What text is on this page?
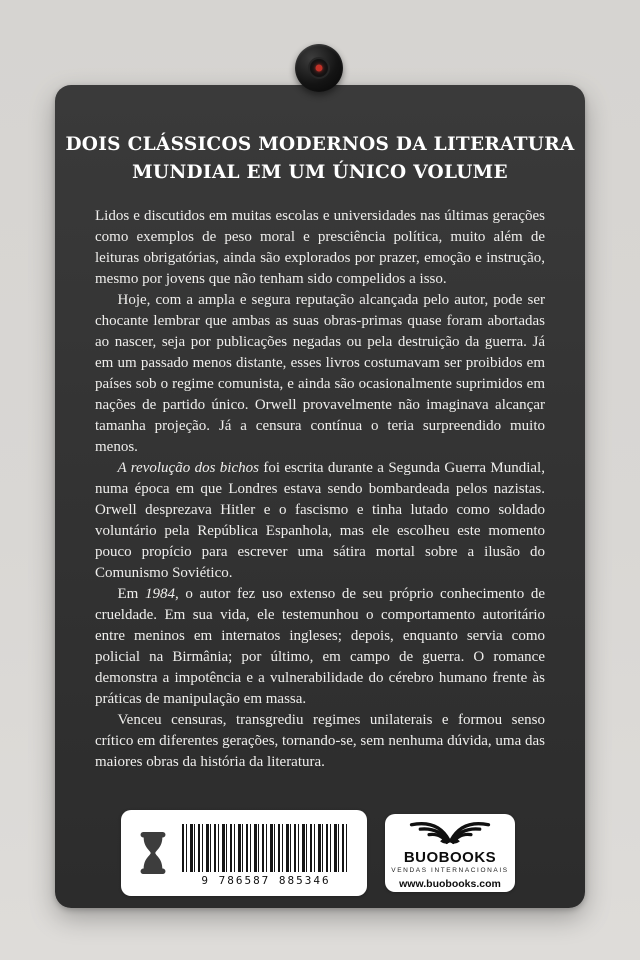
DOIS CLÁSSICOS MODERNOS DA LITERATURA
MUNDIAL EM UM ÚNICO VOLUME

Lidos e discutidos em muitas escolas e universidades nas últimas gerações como exemplos de peso moral e presciência política, muito além de leituras obrigatórias, ainda são explorados por prazer, emoção e instrução, mesmo por jovens que não tenham sido compelidos a isso.

Hoje, com a ampla e segura reputação alcançada pelo autor, pode ser chocante lembrar que ambas as suas obras-primas quase foram abortadas ao nascer, seja por publicações negadas ou pela destruição da guerra. Já em um passado menos distante, esses livros costumavam ser proibidos em países sob o regime comunista, e ainda são ocasionalmente suprimidos em nações de partido único. Orwell provavelmente não imaginava alcançar tamanha projeção. Já a censura contínua o teria surpreendido muito menos.

A revolução dos bichos foi escrita durante a Segunda Guerra Mundial, numa época em que Londres estava sendo bombardeada pelos nazistas. Orwell desprezava Hitler e o fascismo e tinha lutado como soldado voluntário pela República Espanhola, mas ele escolheu este momento pouco propício para escrever uma sátira mortal sobre a ilusão do Comunismo Soviético.

Em 1984, o autor fez uso extenso de seu próprio conhecimento de crueldade. Em sua vida, ele testemunhou o comportamento autoritário entre meninos em internatos ingleses; depois, enquanto servia como policial na Birmânia; por último, em campo de guerra. O romance demonstra a impotência e a vulnerabilidade do cérebro humano frente às práticas de manipulação em massa.

Venceu censuras, transgrediu regimes unilaterais e formou senso crítico em diferentes gerações, tornando-se, sem nenhuma dúvida, uma das maiores obras da história da literatura.

9 786587 885346
BUOBOOKS
VENDAS INTERNACIONAIS
www.buobooks.com
